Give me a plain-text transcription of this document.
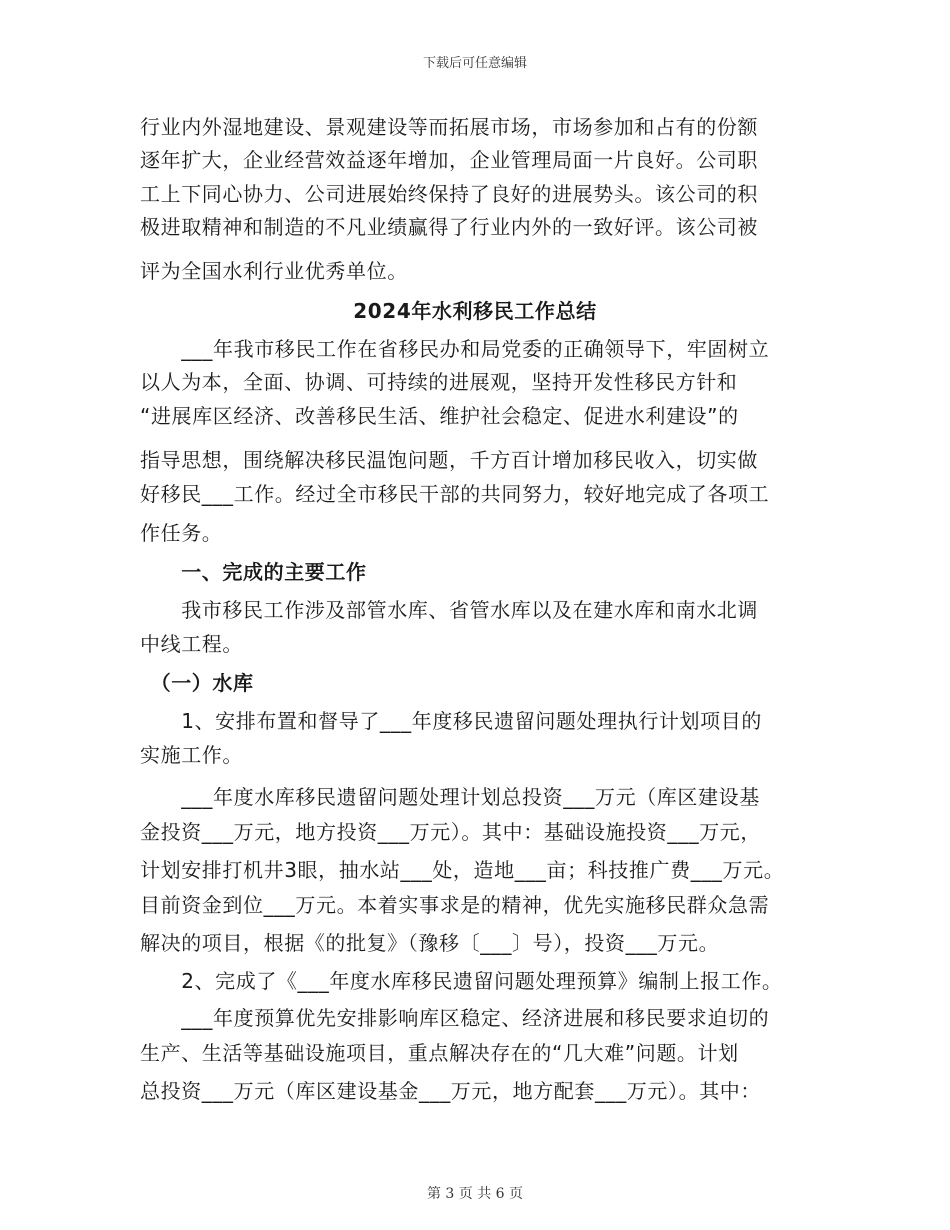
下载后可任意编辑
行业内外湿地建设、景观建设等而拓展市场，市场参加和占有的份额
逐年扩大，企业经营效益逐年增加，企业管理局面一片良好。公司职
工上下同心协力、公司进展始终保持了良好的进展势头。该公司的积
极进取精神和制造的不凡业绩赢得了行业内外的一致好评。该公司被
评为全国水利行业优秀单位。
2024年水利移民工作总结
　　___年我市移民工作在省移民办和局党委的正确领导下，牢固树立
以人为本，全面、协调、可持续的进展观，坚持开发性移民方针和
“进展库区经济、改善移民生活、维护社会稳定、促进水利建设”的
指导思想，围绕解决移民温饱问题，千方百计增加移民收入，切实做
好移民___工作。经过全市移民干部的共同努力，较好地完成了各项工
作任务。
　　一、完成的主要工作
　　我市移民工作涉及部管水库、省管水库以及在建水库和南水北调
中线工程。
　（一）水库
　　1、安排布置和督导了___年度移民遗留问题处理执行计划项目的
实施工作。
　　___年度水库移民遗留问题处理计划总投资___万元（库区建设基
金投资___万元，地方投资___万元）。其中：基础设施投资___万元，
计划安排打机井3眼，抽水站___处，造地___亩；科技推广费___万元。
目前资金到位___万元。本着实事求是的精神，优先实施移民群众急需
解决的项目，根据《的批复》（豫移〔___〕号），投资___万元。
　　2、完成了《___年度水库移民遗留问题处理预算》编制上报工作。
　　___年度预算优先安排影响库区稳定、经济进展和移民要求迫切的
生产、生活等基础设施项目，重点解决存在的“几大难”问题。计划
总投资___万元（库区建设基金___万元，地方配套___万元）。其中：
第 3 页 共 6 页
